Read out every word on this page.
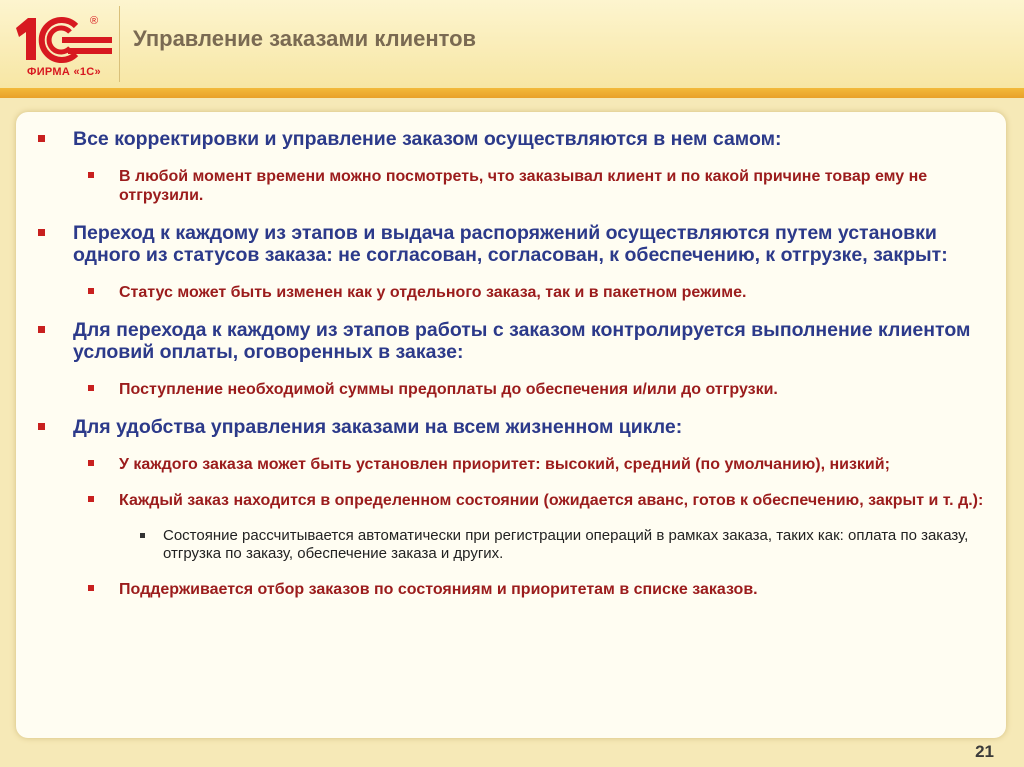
®
ФИРМА «1С»
Управление заказами клиентов
Все корректировки и управление заказом осуществляются в нем самом:
В любой момент времени можно посмотреть, что заказывал клиент и по какой причине товар ему не отгрузили.
Переход к каждому из этапов и выдача распоряжений осуществляются путем установки одного из статусов заказа: не согласован, согласован, к обеспечению, к отгрузке, закрыт:
Статус может быть изменен как у отдельного заказа, так и в пакетном режиме.
Для перехода к каждому из этапов работы с заказом контролируется выполнение клиентом условий оплаты, оговоренных в заказе:
Поступление необходимой суммы предоплаты до обеспечения и/или до отгрузки.
Для удобства управления заказами на всем жизненном цикле:
У каждого заказа может быть установлен приоритет: высокий, средний (по умолчанию), низкий;
Каждый заказ находится в определенном состоянии (ожидается аванс, готов к обеспечению, закрыт и т. д.):
Состояние рассчитывается автоматически при регистрации операций в рамках заказа, таких как: оплата по заказу, отгрузка по заказу, обеспечение заказа и других.
Поддерживается отбор заказов по состояниям и приоритетам в списке заказов.
21
